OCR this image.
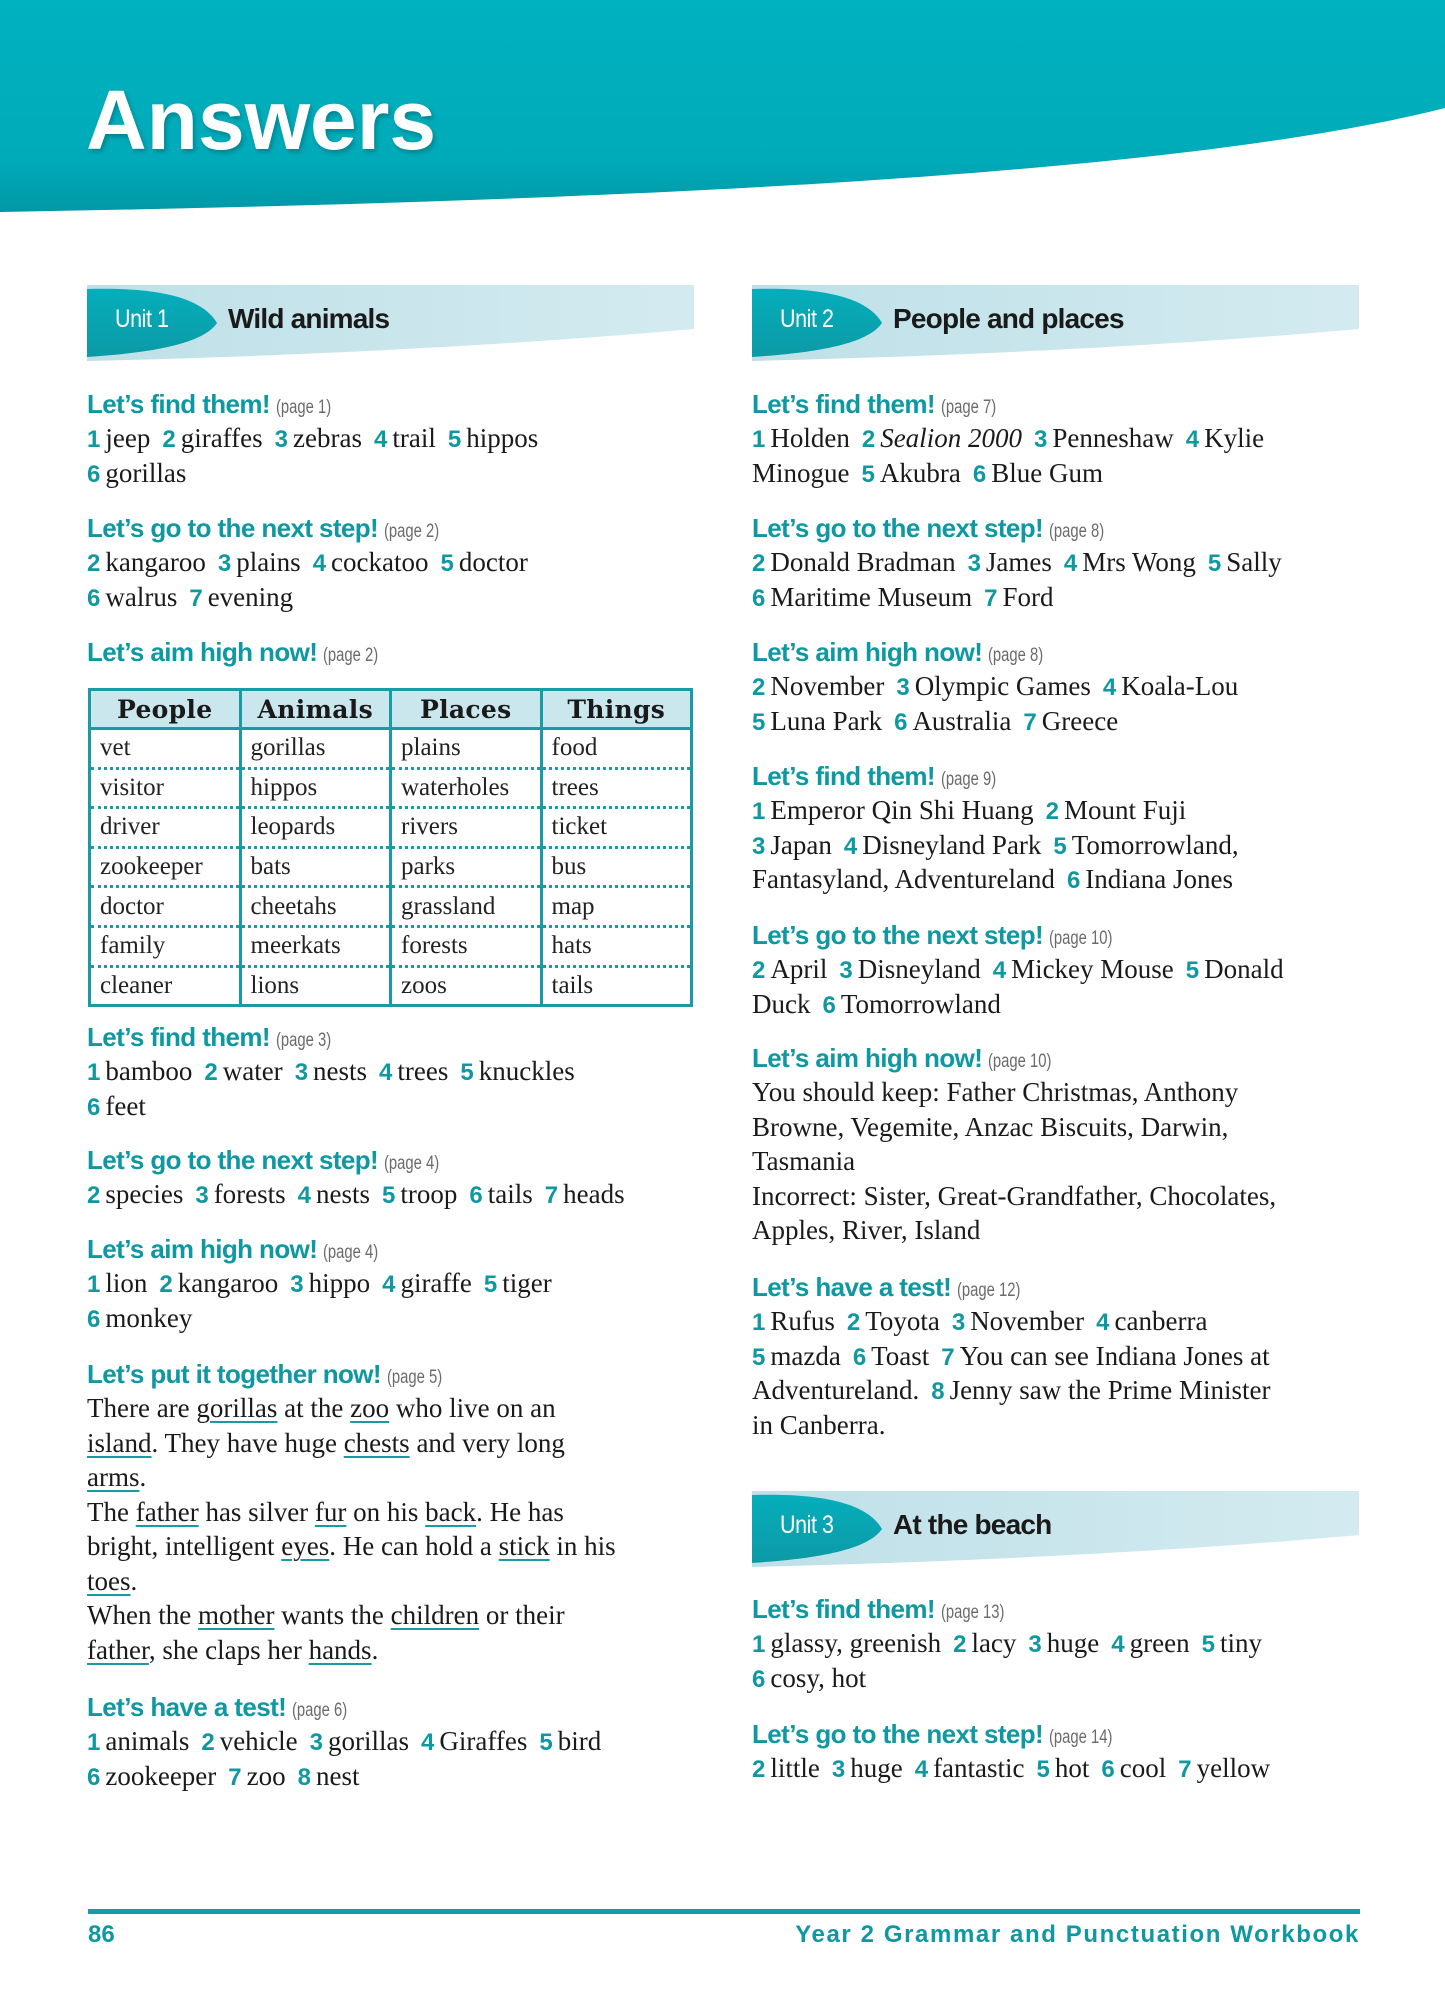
Answers
Unit 1 Wild animals	Unit 2 People and places
Unit 3 At the beach
Let’s find them! (page 1)
1 jeep 2 giraffes 3 zebras 4 trail 5 hippos
6 gorillas
Let’s go to the next step! (page 2)
2 kangaroo 3 plains 4 cockatoo 5 doctor
6 walrus 7 evening
Let’s aim high now! (page 2)
People	Animals	Places	Things
vet	gorillas	plains	food
visitor	hippos	waterholes	trees
driver	leopards	rivers	ticket
zookeeper	bats	parks	bus
doctor	cheetahs	grassland	map
family	meerkats	forests	hats
cleaner	lions	zoos	tails
Let’s find them! (page 3)
1 bamboo 2 water 3 nests 4 trees 5 knuckles
6 feet
Let’s go to the next step! (page 4)
2 species 3 forests 4 nests 5 troop 6 tails 7 heads
Let’s aim high now! (page 4)
1 lion 2 kangaroo 3 hippo 4 giraffe 5 tiger
6 monkey
Let’s put it together now! (page 5)
There are gorillas at the zoo who live on an
island. They have huge chests and very long
arms.
The father has silver fur on his back. He has
bright, intelligent eyes. He can hold a stick in his
toes.
When the mother wants the children or their
father, she claps her hands.
Let’s have a test! (page 6)
1 animals 2 vehicle 3 gorillas 4 Giraffes 5 bird
6 zookeeper 7 zoo 8 nest
Let’s find them! (page 7)
1 Holden 2 Sealion 2000 3 Penneshaw 4 Kylie
Minogue 5 Akubra 6 Blue Gum
Let’s go to the next step! (page 8)
2 Donald Bradman 3 James 4 Mrs Wong 5 Sally
6 Maritime Museum 7 Ford
Let’s aim high now! (page 8)
2 November 3 Olympic Games 4 Koala-Lou
5 Luna Park 6 Australia 7 Greece
Let’s find them! (page 9)
1 Emperor Qin Shi Huang 2 Mount Fuji
3 Japan 4 Disneyland Park 5 Tomorrowland,
Fantasyland, Adventureland 6 Indiana Jones
Let’s go to the next step! (page 10)
2 April 3 Disneyland 4 Mickey Mouse 5 Donald
Duck 6 Tomorrowland
Let’s aim high now! (page 10)
You should keep: Father Christmas, Anthony
Browne, Vegemite, Anzac Biscuits, Darwin,
Tasmania
Incorrect: Sister, Great-Grandfather, Chocolates,
Apples, River, Island
Let’s have a test! (page 12)
1 Rufus 2 Toyota 3 November 4 canberra
5 mazda 6 Toast 7 You can see Indiana Jones at
Adventureland. 8 Jenny saw the Prime Minister
in Canberra.
Let’s find them! (page 13)
1 glassy, greenish 2 lacy 3 huge 4 green 5 tiny
6 cosy, hot
Let’s go to the next step! (page 14)
2 little 3 huge 4 fantastic 5 hot 6 cool 7 yellow
86	Year 2 Grammar and Punctuation Workbook
